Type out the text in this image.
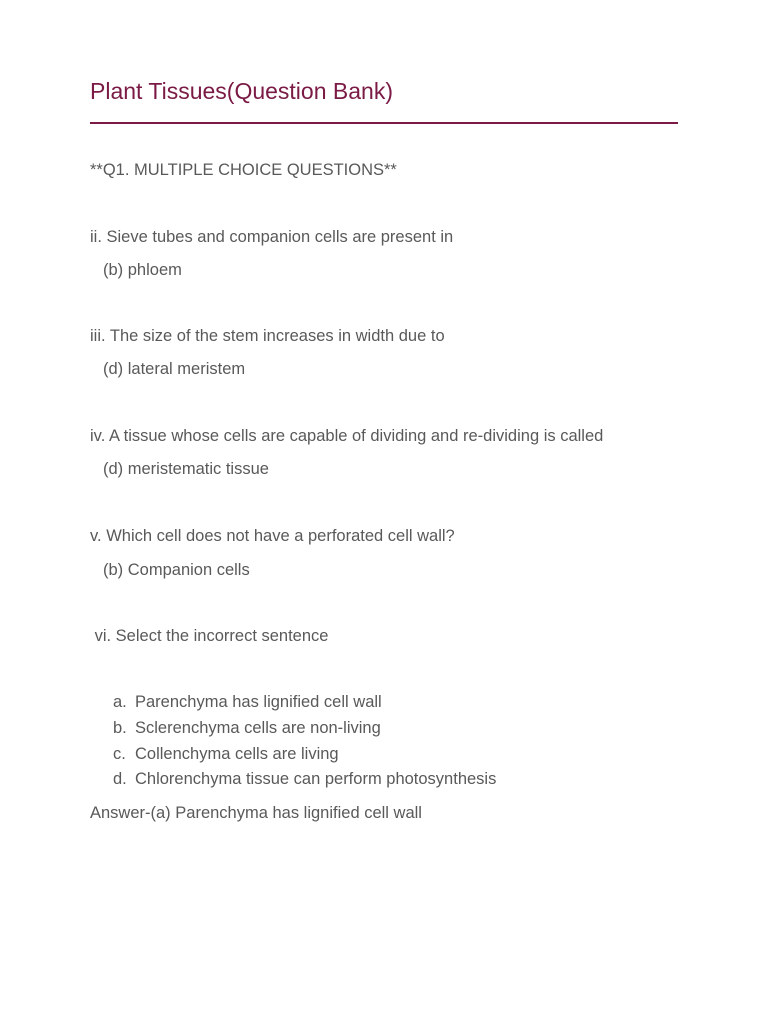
Plant Tissues(Question Bank)
**Q1. MULTIPLE CHOICE QUESTIONS**
ii. Sieve tubes and companion cells are present in
(b) phloem
iii. The size of the stem increases in width due to
(d) lateral meristem
iv. A tissue whose cells are capable of dividing and re-dividing is called
(d) meristematic tissue
v. Which cell does not have a perforated cell wall?
(b) Companion cells
vi. Select the incorrect sentence
a. Parenchyma has lignified cell wall
b. Sclerenchyma cells are non-living
c. Collenchyma cells are living
d. Chlorenchyma tissue can perform photosynthesis
Answer-(a) Parenchyma has lignified cell wall
